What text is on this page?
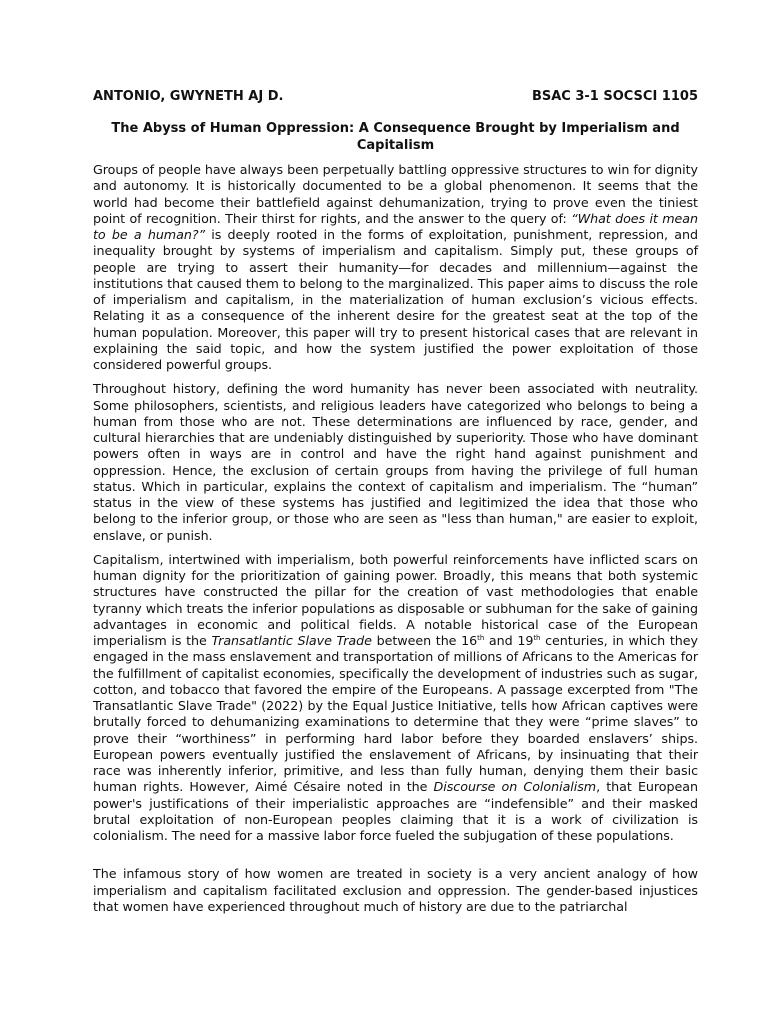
ANTONIO, GWYNETH AJ D.	BSAC 3-1 SOCSCI 1105
The Abyss of Human Oppression: A Consequence Brought by Imperialism and Capitalism

Groups of people have always been perpetually battling oppressive structures to win for dignity and autonomy. It is historically documented to be a global phenomenon. It seems that the world had become their battlefield against dehumanization, trying to prove even the tiniest point of recognition. Their thirst for rights, and the answer to the query of: “What does it mean to be a human?” is deeply rooted in the forms of exploitation, punishment, repression, and inequality brought by systems of imperialism and capitalism. Simply put, these groups of people are trying to assert their humanity—for decades and millennium—against the institutions that caused them to belong to the marginalized. This paper aims to discuss the role of imperialism and capitalism, in the materialization of human exclusion’s vicious effects. Relating it as a consequence of the inherent desire for the greatest seat at the top of the human population. Moreover, this paper will try to present historical cases that are relevant in explaining the said topic, and how the system justified the power exploitation of those considered powerful groups.

Throughout history, defining the word humanity has never been associated with neutrality. Some philosophers, scientists, and religious leaders have categorized who belongs to being a human from those who are not. These determinations are influenced by race, gender, and cultural hierarchies that are undeniably distinguished by superiority. Those who have dominant powers often in ways are in control and have the right hand against punishment and oppression. Hence, the exclusion of certain groups from having the privilege of full human status. Which in particular, explains the context of capitalism and imperialism. The “human” status in the view of these systems has justified and legitimized the idea that those who belong to the inferior group, or those who are seen as "less than human," are easier to exploit, enslave, or punish.

Capitalism, intertwined with imperialism, both powerful reinforcements have inflicted scars on human dignity for the prioritization of gaining power. Broadly, this means that both systemic structures have constructed the pillar for the creation of vast methodologies that enable tyranny which treats the inferior populations as disposable or subhuman for the sake of gaining advantages in economic and political fields. A notable historical case of the European imperialism is the Transatlantic Slave Trade between the 16th and 19th centuries, in which they engaged in the mass enslavement and transportation of millions of Africans to the Americas for the fulfillment of capitalist economies, specifically the development of industries such as sugar, cotton, and tobacco that favored the empire of the Europeans. A passage excerpted from "The Transatlantic Slave Trade" (2022) by the Equal Justice Initiative, tells how African captives were brutally forced to dehumanizing examinations to determine that they were “prime slaves” to prove their “worthiness” in performing hard labor before they boarded enslavers’ ships. European powers eventually justified the enslavement of Africans, by insinuating that their race was inherently inferior, primitive, and less than fully human, denying them their basic human rights. However, Aimé Césaire noted in the Discourse on Colonialism, that European power's justifications of their imperialistic approaches are “indefensible” and their masked brutal exploitation of non-European peoples claiming that it is a work of civilization is colonialism. The need for a massive labor force fueled the subjugation of these populations.

The infamous story of how women are treated in society is a very ancient analogy of how imperialism and capitalism facilitated exclusion and oppression. The gender-based injustices that women have experienced throughout much of history are due to the patriarchal
